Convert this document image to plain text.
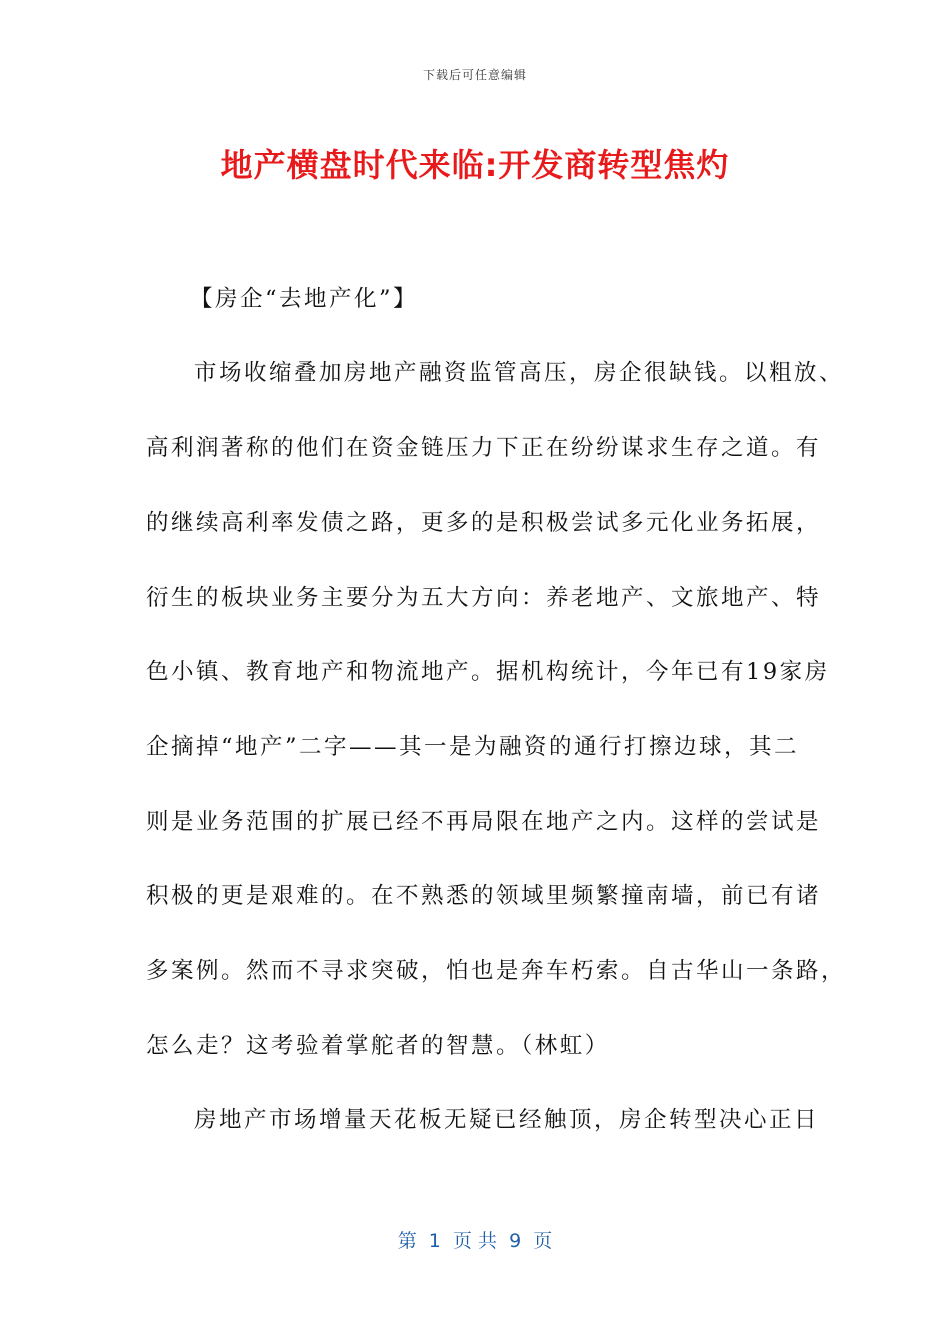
下载后可任意编辑
地产横盘时代来临:开发商转型焦灼
【房企“去地产化”】
市场收缩叠加房地产融资监管高压，房企很缺钱。以粗放、
高利润著称的他们在资金链压力下正在纷纷谋求生存之道。有
的继续高利率发债之路，更多的是积极尝试多元化业务拓展，
衍生的板块业务主要分为五大方向：养老地产、文旅地产、特
色小镇、教育地产和物流地产。据机构统计，今年已有19家房
企摘掉“地产”二字——其一是为融资的通行打擦边球，其二
则是业务范围的扩展已经不再局限在地产之内。这样的尝试是
积极的更是艰难的。在不熟悉的领域里频繁撞南墙，前已有诸
多案例。然而不寻求突破，怕也是奔车朽索。自古华山一条路，
怎么走？这考验着掌舵者的智慧。（林虹）
房地产市场增量天花板无疑已经触顶，房企转型决心正日
第  1  页 共  9  页
